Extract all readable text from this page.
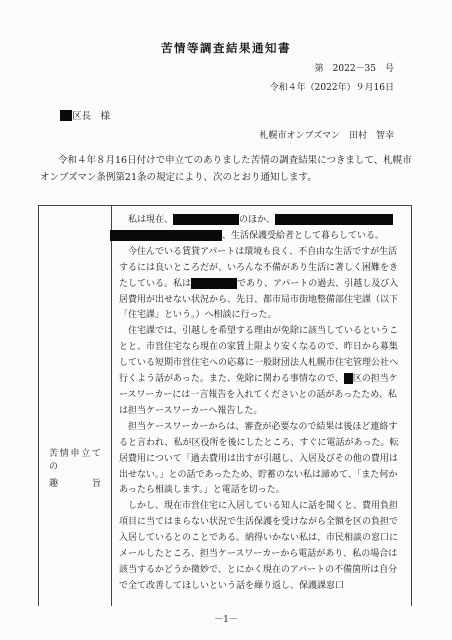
苦情等調査結果通知書
第　2022－35　号
令和４年（2022年）９月16日
区長　様
札幌市オンブズマン　田村　智幸
令和４年８月16日付けで申立てのありました苦情の調査結果につきまして、札幌市オンブズマン条例第21条の規定により、次のとおり通知します。
苦情申立ての
趣　　旨

私は現在、	のほか、、生活保護受給者として暮らしている。

今住んでいる賃貸アパートは環境も良く、不自由な生活ですが生活するには良いところだが、いろんな不備があり生活に著しく困難をきたしている。私は	であり、アパートの過去、引越し及び入居費用が出せない状況から、先日、都市局市街地整備部住宅課（以下「住宅課」という。）へ相談に行った。

住宅課では、引越しを希望する理由が免除に該当しているということと、市営住宅なら現在の家賃上限より安くなるので、昨日から募集している短期市営住宅への応募に一般財団法人札幌市住宅管理公社へ行くよう話があった。また、免除に関わる事情なので、 区の担当ケースワーカーには一言報告を入れてくださいとの話があったため、私は担当ケースワーカーへ報告した。

担当ケースワーカーからは、審査が必要なので結果は後ほど連絡すると言われ、私が区役所を後にしたところ、すぐに電話があった。転居費用について「過去費用は出すが引越し、入居及びその他の費用は出せない。」との話であったため、貯蓄のない私は諦めて、「また何かあったら相談します。」と電話を切った。

しかし、現在市営住宅に入居している知人に話を聞くと、費用負担項目に当てはまらない状況で生活保護を受けながら全額を区の負担で入居しているとのことである。納得いかない私は、市民相談の窓口にメールしたところ、担当ケースワーカーから電話があり、私の場合は該当するかどうか微妙で、とにかく現在のアパートの不備箇所は自分で全て改善してほしいという話を繰り返し、保護課窓口

－1－
